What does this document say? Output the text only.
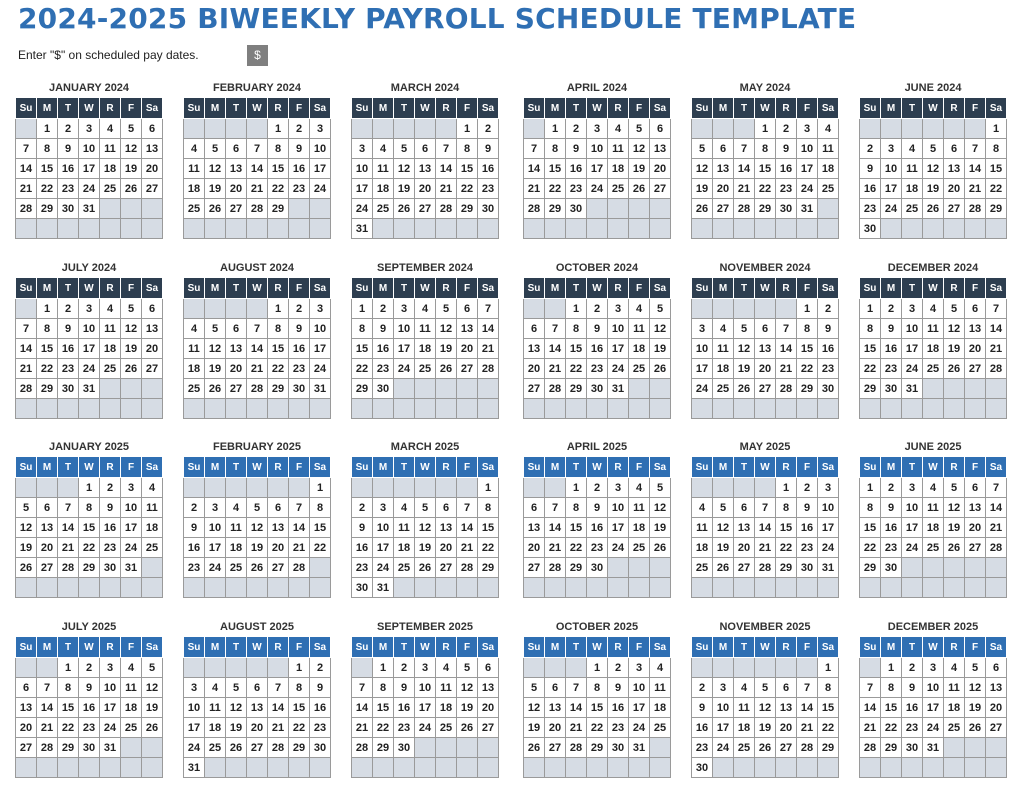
2024-2025 BIWEEKLY PAYROLL SCHEDULE TEMPLATE
Enter "$" on scheduled pay dates.	$
JANUARY 2024
Su	M	T	W	R	F	Sa
	1	2	3	4	5	6
7	8	9	10	11	12	13
14	15	16	17	18	19	20
21	22	23	24	25	26	27
28	29	30	31			

FEBRUARY 2024
Su	M	T	W	R	F	Sa
				1	2	3
4	5	6	7	8	9	10
11	12	13	14	15	16	17
18	19	20	21	22	23	24
25	26	27	28	29		

MARCH 2024
Su	M	T	W	R	F	Sa
					1	2
3	4	5	6	7	8	9
10	11	12	13	14	15	16
17	18	19	20	21	22	23
24	25	26	27	28	29	30
31						
APRIL 2024
Su	M	T	W	R	F	Sa
	1	2	3	4	5	6
7	8	9	10	11	12	13
14	15	16	17	18	19	20
21	22	23	24	25	26	27
28	29	30				

MAY 2024
Su	M	T	W	R	F	Sa
			1	2	3	4
5	6	7	8	9	10	11
12	13	14	15	16	17	18
19	20	21	22	23	24	25
26	27	28	29	30	31	

JUNE 2024
Su	M	T	W	R	F	Sa
						1
2	3	4	5	6	7	8
9	10	11	12	13	14	15
16	17	18	19	20	21	22
23	24	25	26	27	28	29
30						
JULY 2024
Su	M	T	W	R	F	Sa
	1	2	3	4	5	6
7	8	9	10	11	12	13
14	15	16	17	18	19	20
21	22	23	24	25	26	27
28	29	30	31			

AUGUST 2024
Su	M	T	W	R	F	Sa
				1	2	3
4	5	6	7	8	9	10
11	12	13	14	15	16	17
18	19	20	21	22	23	24
25	26	27	28	29	30	31

SEPTEMBER 2024
Su	M	T	W	R	F	Sa
1	2	3	4	5	6	7
8	9	10	11	12	13	14
15	16	17	18	19	20	21
22	23	24	25	26	27	28
29	30					

OCTOBER 2024
Su	M	T	W	R	F	Sa
		1	2	3	4	5
6	7	8	9	10	11	12
13	14	15	16	17	18	19
20	21	22	23	24	25	26
27	28	29	30	31		

NOVEMBER 2024
Su	M	T	W	R	F	Sa
					1	2
3	4	5	6	7	8	9
10	11	12	13	14	15	16
17	18	19	20	21	22	23
24	25	26	27	28	29	30

DECEMBER 2024
Su	M	T	W	R	F	Sa
1	2	3	4	5	6	7
8	9	10	11	12	13	14
15	16	17	18	19	20	21
22	23	24	25	26	27	28
29	30	31				

JANUARY 2025
Su	M	T	W	R	F	Sa
			1	2	3	4
5	6	7	8	9	10	11
12	13	14	15	16	17	18
19	20	21	22	23	24	25
26	27	28	29	30	31	

FEBRUARY 2025
Su	M	T	W	R	F	Sa
						1
2	3	4	5	6	7	8
9	10	11	12	13	14	15
16	17	18	19	20	21	22
23	24	25	26	27	28	

MARCH 2025
Su	M	T	W	R	F	Sa
						1
2	3	4	5	6	7	8
9	10	11	12	13	14	15
16	17	18	19	20	21	22
23	24	25	26	27	28	29
30	31					
APRIL 2025
Su	M	T	W	R	F	Sa
		1	2	3	4	5
6	7	8	9	10	11	12
13	14	15	16	17	18	19
20	21	22	23	24	25	26
27	28	29	30			

MAY 2025
Su	M	T	W	R	F	Sa
				1	2	3
4	5	6	7	8	9	10
11	12	13	14	15	16	17
18	19	20	21	22	23	24
25	26	27	28	29	30	31

JUNE 2025
Su	M	T	W	R	F	Sa
1	2	3	4	5	6	7
8	9	10	11	12	13	14
15	16	17	18	19	20	21
22	23	24	25	26	27	28
29	30					

JULY 2025
Su	M	T	W	R	F	Sa
		1	2	3	4	5
6	7	8	9	10	11	12
13	14	15	16	17	18	19
20	21	22	23	24	25	26
27	28	29	30	31		

AUGUST 2025
Su	M	T	W	R	F	Sa
					1	2
3	4	5	6	7	8	9
10	11	12	13	14	15	16
17	18	19	20	21	22	23
24	25	26	27	28	29	30
31						
SEPTEMBER 2025
Su	M	T	W	R	F	Sa
	1	2	3	4	5	6
7	8	9	10	11	12	13
14	15	16	17	18	19	20
21	22	23	24	25	26	27
28	29	30				

OCTOBER 2025
Su	M	T	W	R	F	Sa
			1	2	3	4
5	6	7	8	9	10	11
12	13	14	15	16	17	18
19	20	21	22	23	24	25
26	27	28	29	30	31	

NOVEMBER 2025
Su	M	T	W	R	F	Sa
						1
2	3	4	5	6	7	8
9	10	11	12	13	14	15
16	17	18	19	20	21	22
23	24	25	26	27	28	29
30						
DECEMBER 2025
Su	M	T	W	R	F	Sa
	1	2	3	4	5	6
7	8	9	10	11	12	13
14	15	16	17	18	19	20
21	22	23	24	25	26	27
28	29	30	31			
